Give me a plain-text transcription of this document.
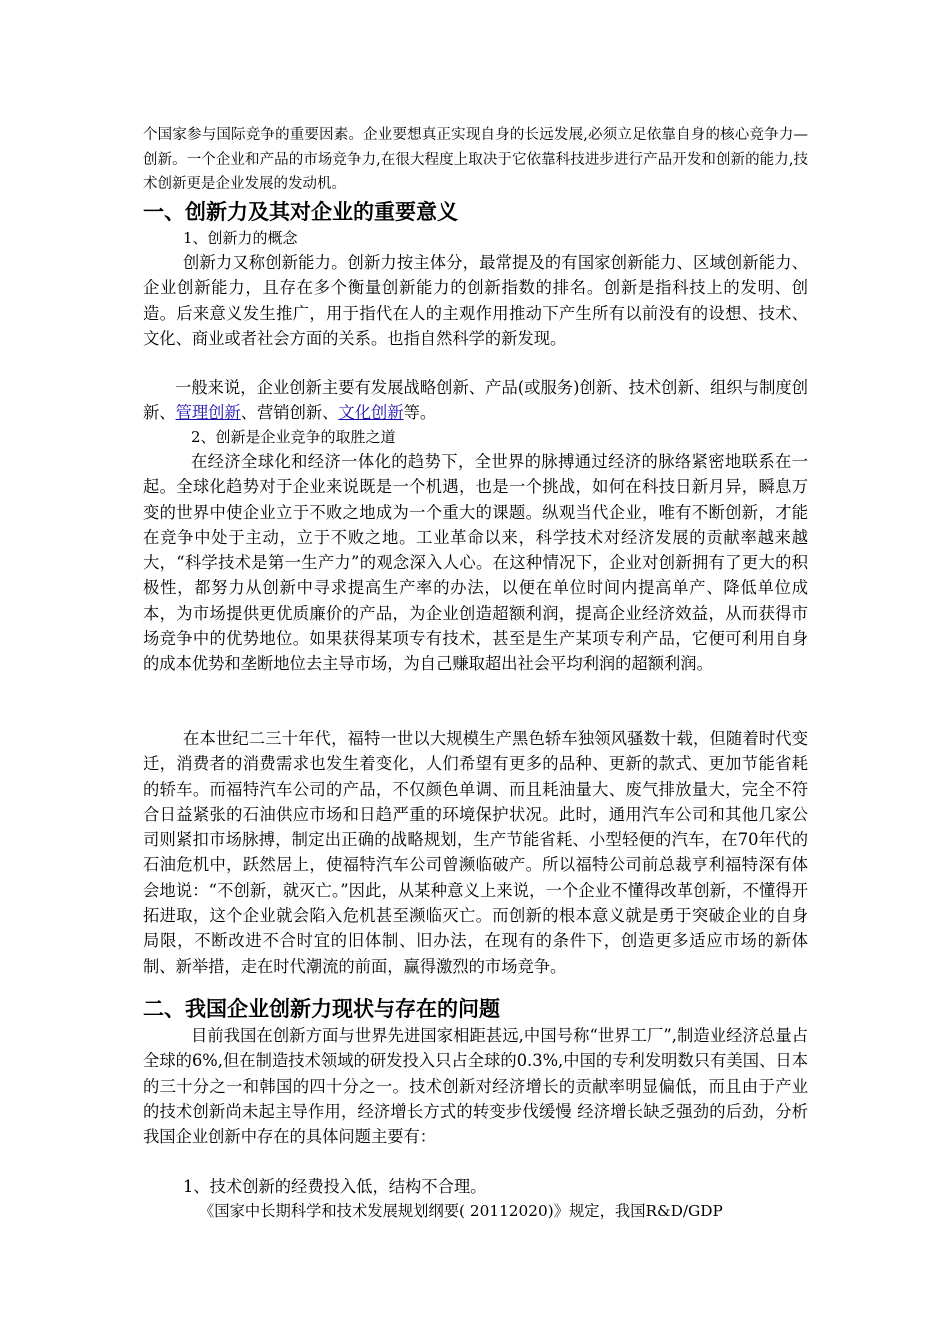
个国家参与国际竞争的重要因素。企业要想真正实现自身的长远发展,必须立足依靠自身的核心竞争力—创新。一个企业和产品的市场竞争力,在很大程度上取决于它依靠科技进步进行产品开发和创新的能力,技术创新更是企业发展的发动机。

一、创新力及其对企业的重要意义
1、创新力的概念

创新力又称创新能力。创新力按主体分，最常提及的有国家创新能力、区域创新能力、企业创新能力，且存在多个衡量创新能力的创新指数的排名。创新是指科技上的发明、创造。后来意义发生推广，用于指代在人的主观作用推动下产生所有以前没有的设想、技术、文化、商业或者社会方面的关系。也指自然科学的新发现。

一般来说，企业创新主要有发展战略创新、产品(或服务)创新、技术创新、组织与制度创新、管理创新、营销创新、文化创新等。

2、创新是企业竞争的取胜之道

在经济全球化和经济一体化的趋势下，全世界的脉搏通过经济的脉络紧密地联系在一起。全球化趋势对于企业来说既是一个机遇，也是一个挑战，如何在科技日新月异，瞬息万变的世界中使企业立于不败之地成为一个重大的课题。纵观当代企业，唯有不断创新，才能在竞争中处于主动，立于不败之地。工业革命以来，科学技术对经济发展的贡献率越来越大，“科学技术是第一生产力”的观念深入人心。在这种情况下，企业对创新拥有了更大的积极性，都努力从创新中寻求提高生产率的办法，以便在单位时间内提高单产、降低单位成本，为市场提供更优质廉价的产品，为企业创造超额利润，提高企业经济效益，从而获得市场竞争中的优势地位。如果获得某项专有技术，甚至是生产某项专利产品，它便可利用自身的成本优势和垄断地位去主导市场，为自己赚取超出社会平均利润的超额利润。

在本世纪二三十年代，福特一世以大规模生产黑色轿车独领风骚数十载，但随着时代变迁，消费者的消费需求也发生着变化，人们希望有更多的品种、更新的款式、更加节能省耗的轿车。而福特汽车公司的产品，不仅颜色单调、而且耗油量大、废气排放量大，完全不符合日益紧张的石油供应市场和日趋严重的环境保护状况。此时，通用汽车公司和其他几家公司则紧扣市场脉搏，制定出正确的战略规划，生产节能省耗、小型轻便的汽车，在70年代的石油危机中，跃然居上，使福特汽车公司曾濒临破产。所以福特公司前总裁亨利福特深有体会地说：“不创新，就灭亡。”因此，从某种意义上来说，一个企业不懂得改革创新，不懂得开拓进取，这个企业就会陷入危机甚至濒临灭亡。而创新的根本意义就是勇于突破企业的自身局限，不断改进不合时宜的旧体制、旧办法，在现有的条件下，创造更多适应市场的新体制、新举措，走在时代潮流的前面，赢得激烈的市场竞争。

二、我国企业创新力现状与存在的问题

目前我国在创新方面与世界先进国家相距甚远,中国号称“世界工厂”,制造业经济总量占全球的6%,但在制造技术领域的研发投入只占全球的0.3%,中国的专利发明数只有美国、日本的三十分之一和韩国的四十分之一。技术创新对经济增长的贡献率明显偏低，而且由于产业的技术创新尚未起主导作用，经济增长方式的转变步伐缓慢 经济增长缺乏强劲的后劲，分析我国企业创新中存在的具体问题主要有：

1、技术创新的经费投入低，结构不合理。
《国家中长期科学和技术发展规划纲要( 20112020)》规定，我国R&D/GDP
